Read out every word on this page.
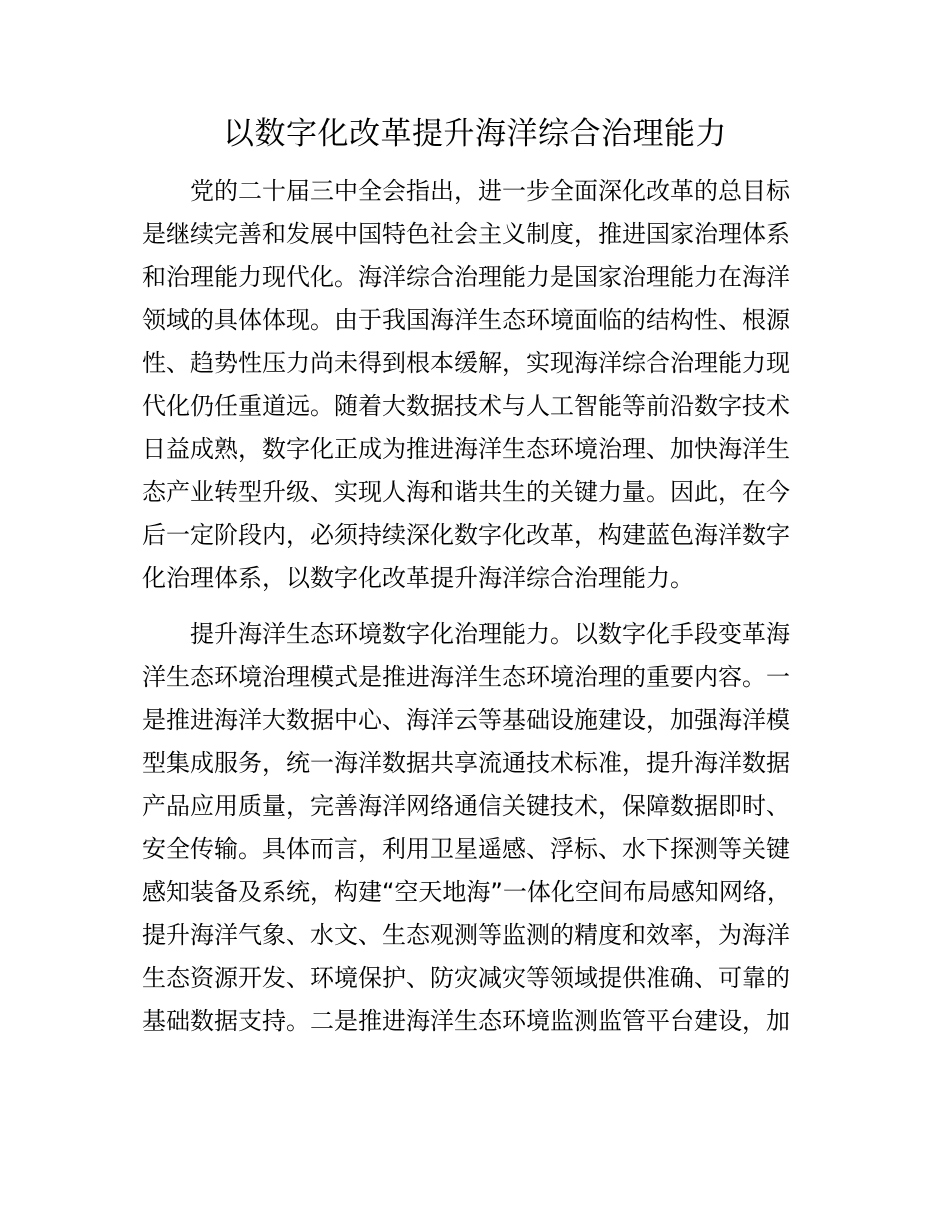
以数字化改革提升海洋综合治理能力

党的二十届三中全会指出，进一步全面深化改革的总目标

是继续完善和发展中国特色社会主义制度，推进国家治理体系

和治理能力现代化。海洋综合治理能力是国家治理能力在海洋

领域的具体体现。由于我国海洋生态环境面临的结构性、根源

性、趋势性压力尚未得到根本缓解，实现海洋综合治理能力现

代化仍任重道远。随着大数据技术与人工智能等前沿数字技术

日益成熟，数字化正成为推进海洋生态环境治理、加快海洋生

态产业转型升级、实现人海和谐共生的关键力量。因此，在今

后一定阶段内，必须持续深化数字化改革，构建蓝色海洋数字

化治理体系，以数字化改革提升海洋综合治理能力。

提升海洋生态环境数字化治理能力。以数字化手段变革海

洋生态环境治理模式是推进海洋生态环境治理的重要内容。一

是推进海洋大数据中心、海洋云等基础设施建设，加强海洋模

型集成服务，统一海洋数据共享流通技术标准，提升海洋数据

产品应用质量，完善海洋网络通信关键技术，保障数据即时、

安全传输。具体而言，利用卫星遥感、浮标、水下探测等关键

感知装备及系统，构建“空天地海”一体化空间布局感知网络，

提升海洋气象、水文、生态观测等监测的精度和效率，为海洋

生态资源开发、环境保护、防灾减灾等领域提供准确、可靠的

基础数据支持。二是推进海洋生态环境监测监管平台建设，加
